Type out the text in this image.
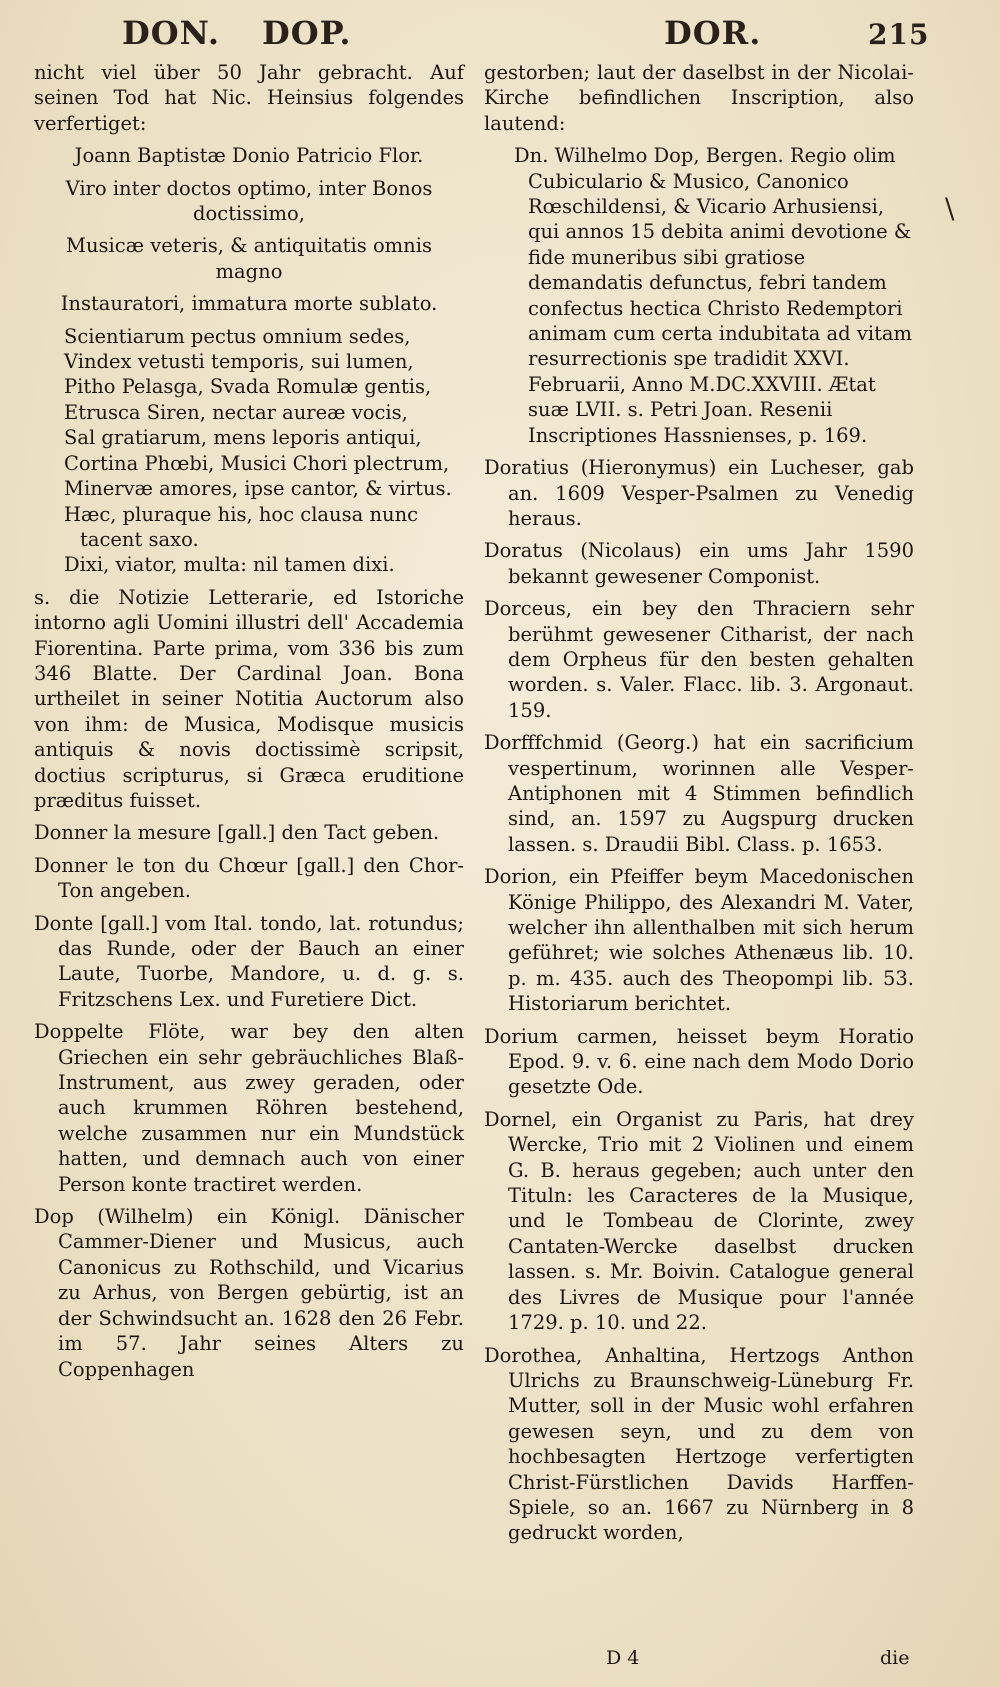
DON. DOP.	DOR.	215

nicht viel über 50 Jahr gebracht. Auf seinen Tod hat Nic. Heinsius folgendes verfertiget:

Joann Baptistæ Donio Patricio Flor.

Viro inter doctos optimo, inter Bonos doctissimo,

Musicæ veteris, & antiquitatis omnis magno

Instauratori, immatura morte sublato.

Scientiarum pectus omnium sedes,
Vindex vetusti temporis, sui lumen,
Pitho Pelasga, Svada Romulæ gentis,
Etrusca Siren, nectar aureæ vocis,
Sal gratiarum, mens leporis antiqui,
Cortina Phœbi, Musici Chori plectrum,
Minervæ amores, ipse cantor, & virtus.
Hæc, pluraque his, hoc clausa nunc tacent saxo.
Dixi, viator, multa: nil tamen dixi.

s. die Notizie Letterarie, ed Istoriche intorno agli Uomini illustri dell' Accademia Fiorentina. Parte prima, vom 336 bis zum 346 Blatte. Der Cardinal Joan. Bona urtheilet in seiner Notitia Auctorum also von ihm: de Musica, Modisque musicis antiquis & novis doctissimè scripsit, doctius scripturus, si Græca eruditione præditus fuisset.

Donner la mesure [gall.] den Tact geben.

Donner le ton du Chœur [gall.] den Chor-Ton angeben.

Donte [gall.] vom Ital. tondo, lat. rotundus; das Runde, oder der Bauch an einer Laute, Tuorbe, Mandore, u. d. g. s. Fritzschens Lex. und Furetiere Dict.

Doppelte Flöte, war bey den alten Griechen ein sehr gebräuchliches Blaß-Instrument, aus zwey geraden, oder auch krummen Röhren bestehend, welche zusammen nur ein Mundstück hatten, und demnach auch von einer Person konte tractiret werden.

Dop (Wilhelm) ein Königl. Dänischer Cammer-Diener und Musicus, auch Canonicus zu Rothschild, und Vicarius zu Arhus, von Bergen gebürtig, ist an der Schwindsucht an. 1628 den 26 Febr. im 57. Jahr seines Alters zu Coppenhagen

gestorben; laut der daselbst in der Nicolai-Kirche befindlichen Inscription, also lautend:

Dn. Wilhelmo Dop, Bergen. Regio olim Cubiculario & Musico, Canonico Rœschildensi, & Vicario Arhusiensi, qui annos 15 debita animi devotione & fide muneribus sibi gratiose demandatis defunctus, febri tandem confectus hectica Christo Redemptori animam cum certa indubitata ad vitam resurrectionis spe tradidit XXVI. Februarii, Anno M.DC.XXVIII. Ætat suæ LVII. s. Petri Joan. Resenii Inscriptiones Hassnienses, p. 169.

Doratius (Hieronymus) ein Lucheser, gab an. 1609 Vesper-Psalmen zu Venedig heraus.

Doratus (Nicolaus) ein ums Jahr 1590 bekannt gewesener Componist.

Dorceus, ein bey den Thraciern sehr berühmt gewesener Citharist, der nach dem Orpheus für den besten gehalten worden. s. Valer. Flacc. lib. 3. Argonaut. 159.

Dorfffchmid (Georg.) hat ein sacrificium vespertinum, worinnen alle Vesper-Antiphonen mit 4 Stimmen befindlich sind, an. 1597 zu Augspurg drucken lassen. s. Draudii Bibl. Class. p. 1653.

Dorion, ein Pfeiffer beym Macedonischen Könige Philippo, des Alexandri M. Vater, welcher ihn allenthalben mit sich herum geführet; wie solches Athenæus lib. 10. p. m. 435. auch des Theopompi lib. 53. Historiarum berichtet.

Dorium carmen, heisset beym Horatio Epod. 9. v. 6. eine nach dem Modo Dorio gesetzte Ode.

Dornel, ein Organist zu Paris, hat drey Wercke, Trio mit 2 Violinen und einem G. B. heraus gegeben; auch unter den Tituln: les Caracteres de la Musique, und le Tombeau de Clorinte, zwey Cantaten-Wercke daselbst drucken lassen. s. Mr. Boivin. Catalogue general des Livres de Musique pour l'année 1729. p. 10. und 22.

Dorothea, Anhaltina, Hertzogs Anthon Ulrichs zu Braunschweig-Lüneburg Fr. Mutter, soll in der Music wohl erfahren gewesen seyn, und zu dem von hochbesagten Hertzoge verfertigten Christ-Fürstlichen Davids Harffen-Spiele, so an. 1667 zu Nürnberg in 8 gedruckt worden,

\
D 4	die
